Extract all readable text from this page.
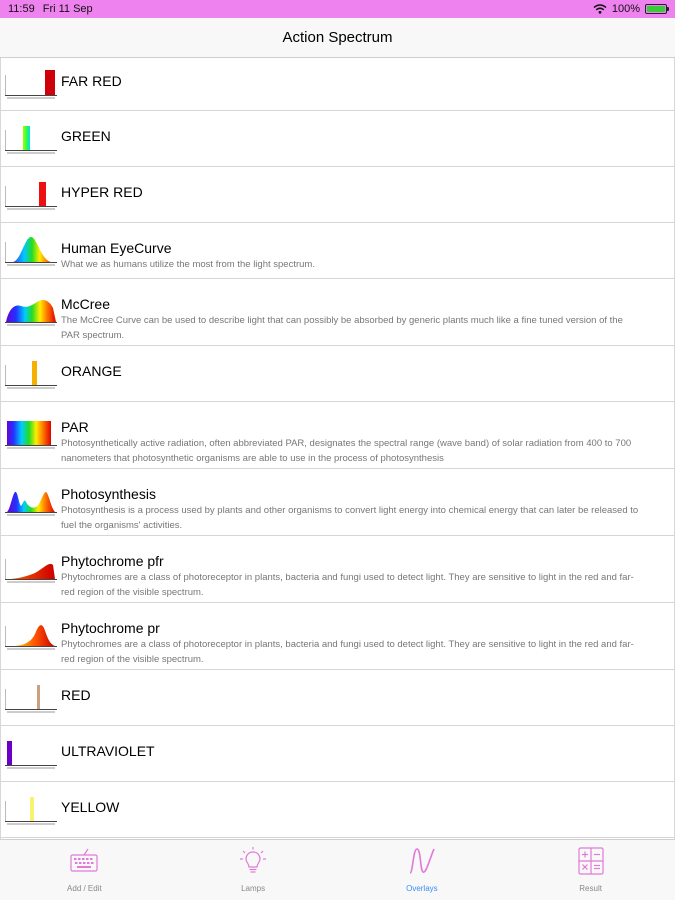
11:59 Fri 11 Sep	100%
Action Spectrum
FAR RED
GREEN
HYPER RED
Human EyeCurve
What we as humans utilize the most from the light spectrum.
McCree
The McCree Curve can be used to describe light that can possibly be absorbed by generic plants much like a fine tuned version of the PAR spectrum.
ORANGE
PAR
Photosynthetically active radiation, often abbreviated PAR, designates the spectral range (wave band) of solar radiation from 400 to 700 nanometers that photosynthetic organisms are able to use in the process of photosynthesis
Photosynthesis
Photosynthesis is a process used by plants and other organisms to convert light energy into chemical energy that can later be released to fuel the organisms' activities.
Phytochrome pfr
Phytochromes are a class of photoreceptor in plants, bacteria and fungi used to detect light. They are sensitive to light in the red and far-red region of the visible spectrum.
Phytochrome pr
Phytochromes are a class of photoreceptor in plants, bacteria and fungi used to detect light. They are sensitive to light in the red and far-red region of the visible spectrum.
RED
ULTRAVIOLET
YELLOW
Add / Edit	Lamps	Overlays	Result
